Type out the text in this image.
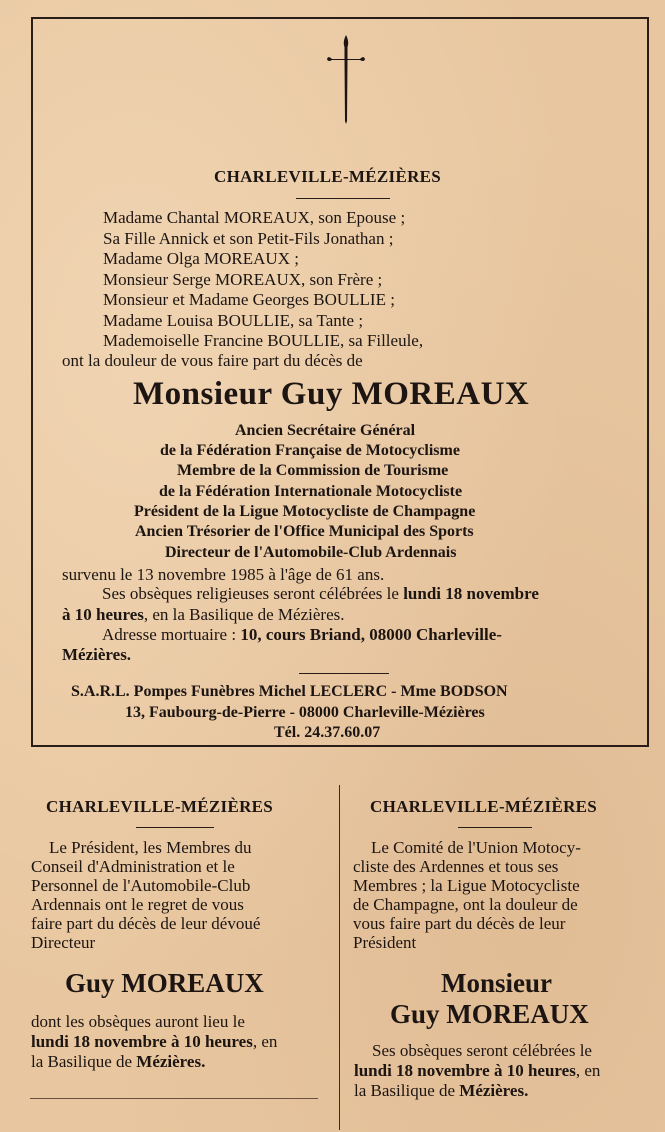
CHARLEVILLE-MÉZIÈRES
Madame Chantal MOREAUX, son Epouse ;
Sa Fille Annick et son Petit-Fils Jonathan ;
Madame Olga MOREAUX ;
Monsieur Serge MOREAUX, son Frère ;
Monsieur et Madame Georges BOULLIE ;
Madame Louisa BOULLIE, sa Tante ;
Mademoiselle Francine BOULLIE, sa Filleule,
ont la douleur de vous faire part du décès de
Monsieur Guy MOREAUX
Ancien Secrétaire Général
de la Fédération Française de Motocyclisme
Membre de la Commission de Tourisme
de la Fédération Internationale Motocycliste
Président de la Ligue Motocycliste de Champagne
Ancien Trésorier de l'Office Municipal des Sports
Directeur de l'Automobile-Club Ardennais
survenu le 13 novembre 1985 à l'âge de 61 ans.
Ses obsèques religieuses seront célébrées le lundi 18 novembre
à 10 heures, en la Basilique de Mézières.
Adresse mortuaire : 10, cours Briand, 08000 Charleville-
Mézières.
S.A.R.L. Pompes Funèbres Michel LECLERC - Mme BODSON
13, Faubourg-de-Pierre - 08000 Charleville-Mézières
Tél. 24.37.60.07
CHARLEVILLE-MÉZIÈRES
Le Président, les Membres du
Conseil d'Administration et le
Personnel de l'Automobile-Club
Ardennais ont le regret de vous
faire part du décès de leur dévoué
Directeur
Guy MOREAUX
dont les obsèques auront lieu le
lundi 18 novembre à 10 heures, en
la Basilique de Mézières.
CHARLEVILLE-MÉZIÈRES
Le Comité de l'Union Motocy-
cliste des Ardennes et tous ses
Membres ; la Ligue Motocycliste
de Champagne, ont la douleur de
vous faire part du décès de leur
Président
Monsieur
Guy MOREAUX
Ses obsèques seront célébrées le
lundi 18 novembre à 10 heures, en
la Basilique de Mézières.
